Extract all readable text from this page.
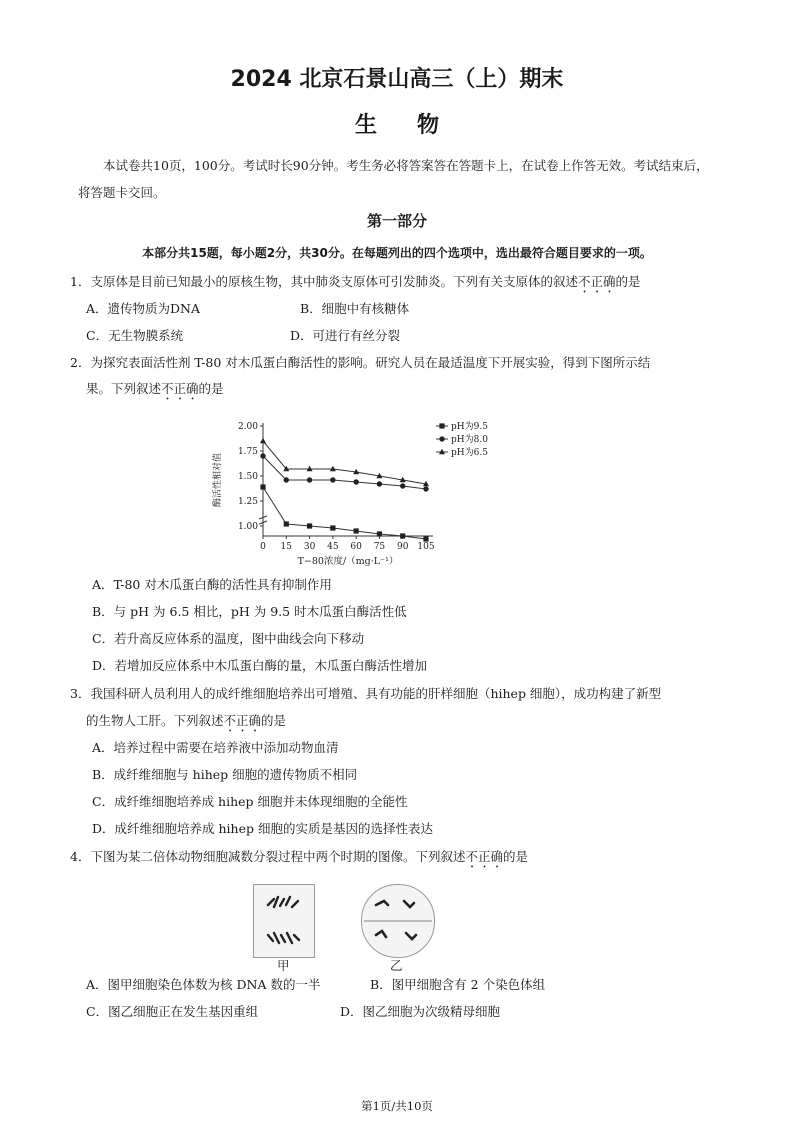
2024 北京石景山高三（上）期末
生物
本试卷共10页，100分。考试时长90分钟。考生务必将答案答在答题卡上，在试卷上作答无效。考试结束后，将答题卡交回。
第一部分
本部分共15题，每小题2分，共30分。在每题列出的四个选项中，选出最符合题目要求的一项。
1．支原体是目前已知最小的原核生物，其中肺炎支原体可引发肺炎。下列有关支原体的叙述不正确的是
A．遗传物质为DNA	B．细胞中有核糖体
C．无生物膜系统	D．可进行有丝分裂
2．为探究表面活性剂 T-80 对木瓜蛋白酶活性的影响。研究人员在最适温度下开展实验，得到下图所示结
果。下列叙述不正确的是
酶活性相对值
T−80浓度/（mg·L⁻¹）
1.00
1.25
1.50
1.75
2.00
0 15 30 45 60 75 90 105
pH为9.5
pH为8.0
pH为6.5
A．T-80 对木瓜蛋白酶的活性具有抑制作用
B．与 pH 为 6.5 相比，pH 为 9.5 时木瓜蛋白酶活性低
C．若升高反应体系的温度，图中曲线会向下移动
D．若增加反应体系中木瓜蛋白酶的量，木瓜蛋白酶活性增加
3．我国科研人员利用人的成纤维细胞培养出可增殖、具有功能的肝样细胞（hihep 细胞），成功构建了新型
的生物人工肝。下列叙述不正确的是
A．培养过程中需要在培养液中添加动物血清
B．成纤维细胞与 hihep 细胞的遗传物质不相同
C．成纤维细胞培养成 hihep 细胞并未体现细胞的全能性
D．成纤维细胞培养成 hihep 细胞的实质是基因的选择性表达
4．下图为某二倍体动物细胞减数分裂过程中两个时期的图像。下列叙述不正确的是
甲	乙
A．图甲细胞染色体数为核 DNA 数的一半	B．图甲细胞含有 2 个染色体组
C．图乙细胞正在发生基因重组	D．图乙细胞为次级精母细胞
第1页/共10页
